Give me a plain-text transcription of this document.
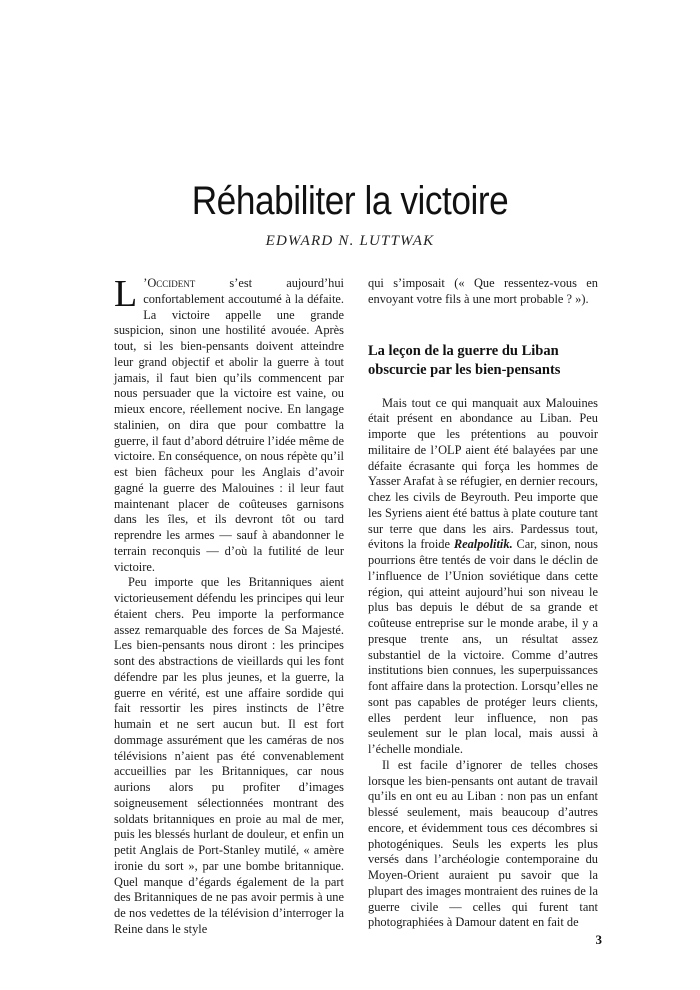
Réhabiliter la victoire
EDWARD N. LUTTWAK

L ’Occident s’est aujourd’hui confortablement accoutumé à la défaite. La victoire appelle une grande suspicion, sinon une hostilité avouée. Après tout, si les bien-pensants doivent atteindre leur grand objectif et abolir la guerre à tout jamais, il faut bien qu’ils commencent par nous persuader que la victoire est vaine, ou mieux encore, réellement nocive. En langage stalinien, on dira que pour combattre la guerre, il faut d’abord détruire l’idée même de victoire. En conséquence, on nous répète qu’il est bien fâcheux pour les Anglais d’avoir gagné la guerre des Malouines : il leur faut maintenant placer de coûteuses garnisons dans les îles, et ils devront tôt ou tard reprendre les armes — sauf à abandonner le terrain reconquis — d’où la futilité de leur victoire.

Peu importe que les Britanniques aient victorieusement défendu les principes qui leur étaient chers. Peu importe la performance assez remarquable des forces de Sa Majesté. Les bien-pensants nous diront : les principes sont des abstractions de vieillards qui les font défendre par les plus jeunes, et la guerre, la guerre en vérité, est une affaire sordide qui fait ressortir les pires instincts de l’être humain et ne sert aucun but. Il est fort dommage assurément que les caméras de nos télévisions n’aient pas été convenablement accueillies par les Britanniques, car nous aurions alors pu profiter d’images soigneusement sélectionnées montrant des soldats britanniques en proie au mal de mer, puis les blessés hurlant de douleur, et enfin un petit Anglais de Port-Stanley mutilé, « amère ironie du sort », par une bombe britannique. Quel manque d’égards également de la part des Britanniques de ne pas avoir permis à une de nos vedettes de la télévision d’interroger la Reine dans le style

qui s’imposait (« Que ressentez-vous en envoyant votre fils à une mort probable ? »).

La leçon de la guerre du Liban
obscurcie par les bien-pensants

Mais tout ce qui manquait aux Malouines était présent en abondance au Liban. Peu importe que les prétentions au pouvoir militaire de l’OLP aient été balayées par une défaite écrasante qui força les hommes de Yasser Arafat à se réfugier, en dernier recours, chez les civils de Beyrouth. Peu importe que les Syriens aient été battus à plate couture tant sur terre que dans les airs. Pardessus tout, évitons la froide Realpolitik. Car, sinon, nous pourrions être tentés de voir dans le déclin de l’influence de l’Union soviétique dans cette région, qui atteint aujourd’hui son niveau le plus bas depuis le début de sa grande et coûteuse entreprise sur le monde arabe, il y a presque trente ans, un résultat assez substantiel de la victoire. Comme d’autres institutions bien connues, les superpuissances font affaire dans la protection. Lorsqu’elles ne sont pas capables de protéger leurs clients, elles perdent leur influence, non pas seulement sur le plan local, mais aussi à l’échelle mondiale.

Il est facile d’ignorer de telles choses lorsque les bien-pensants ont autant de travail qu’ils en ont eu au Liban : non pas un enfant blessé seulement, mais beaucoup d’autres encore, et évidemment tous ces décombres si photogéniques. Seuls les experts les plus versés dans l’archéologie contemporaine du Moyen-Orient auraient pu savoir que la plupart des images montraient des ruines de la guerre civile — celles qui furent tant photographiées à Damour datent en fait de

3
